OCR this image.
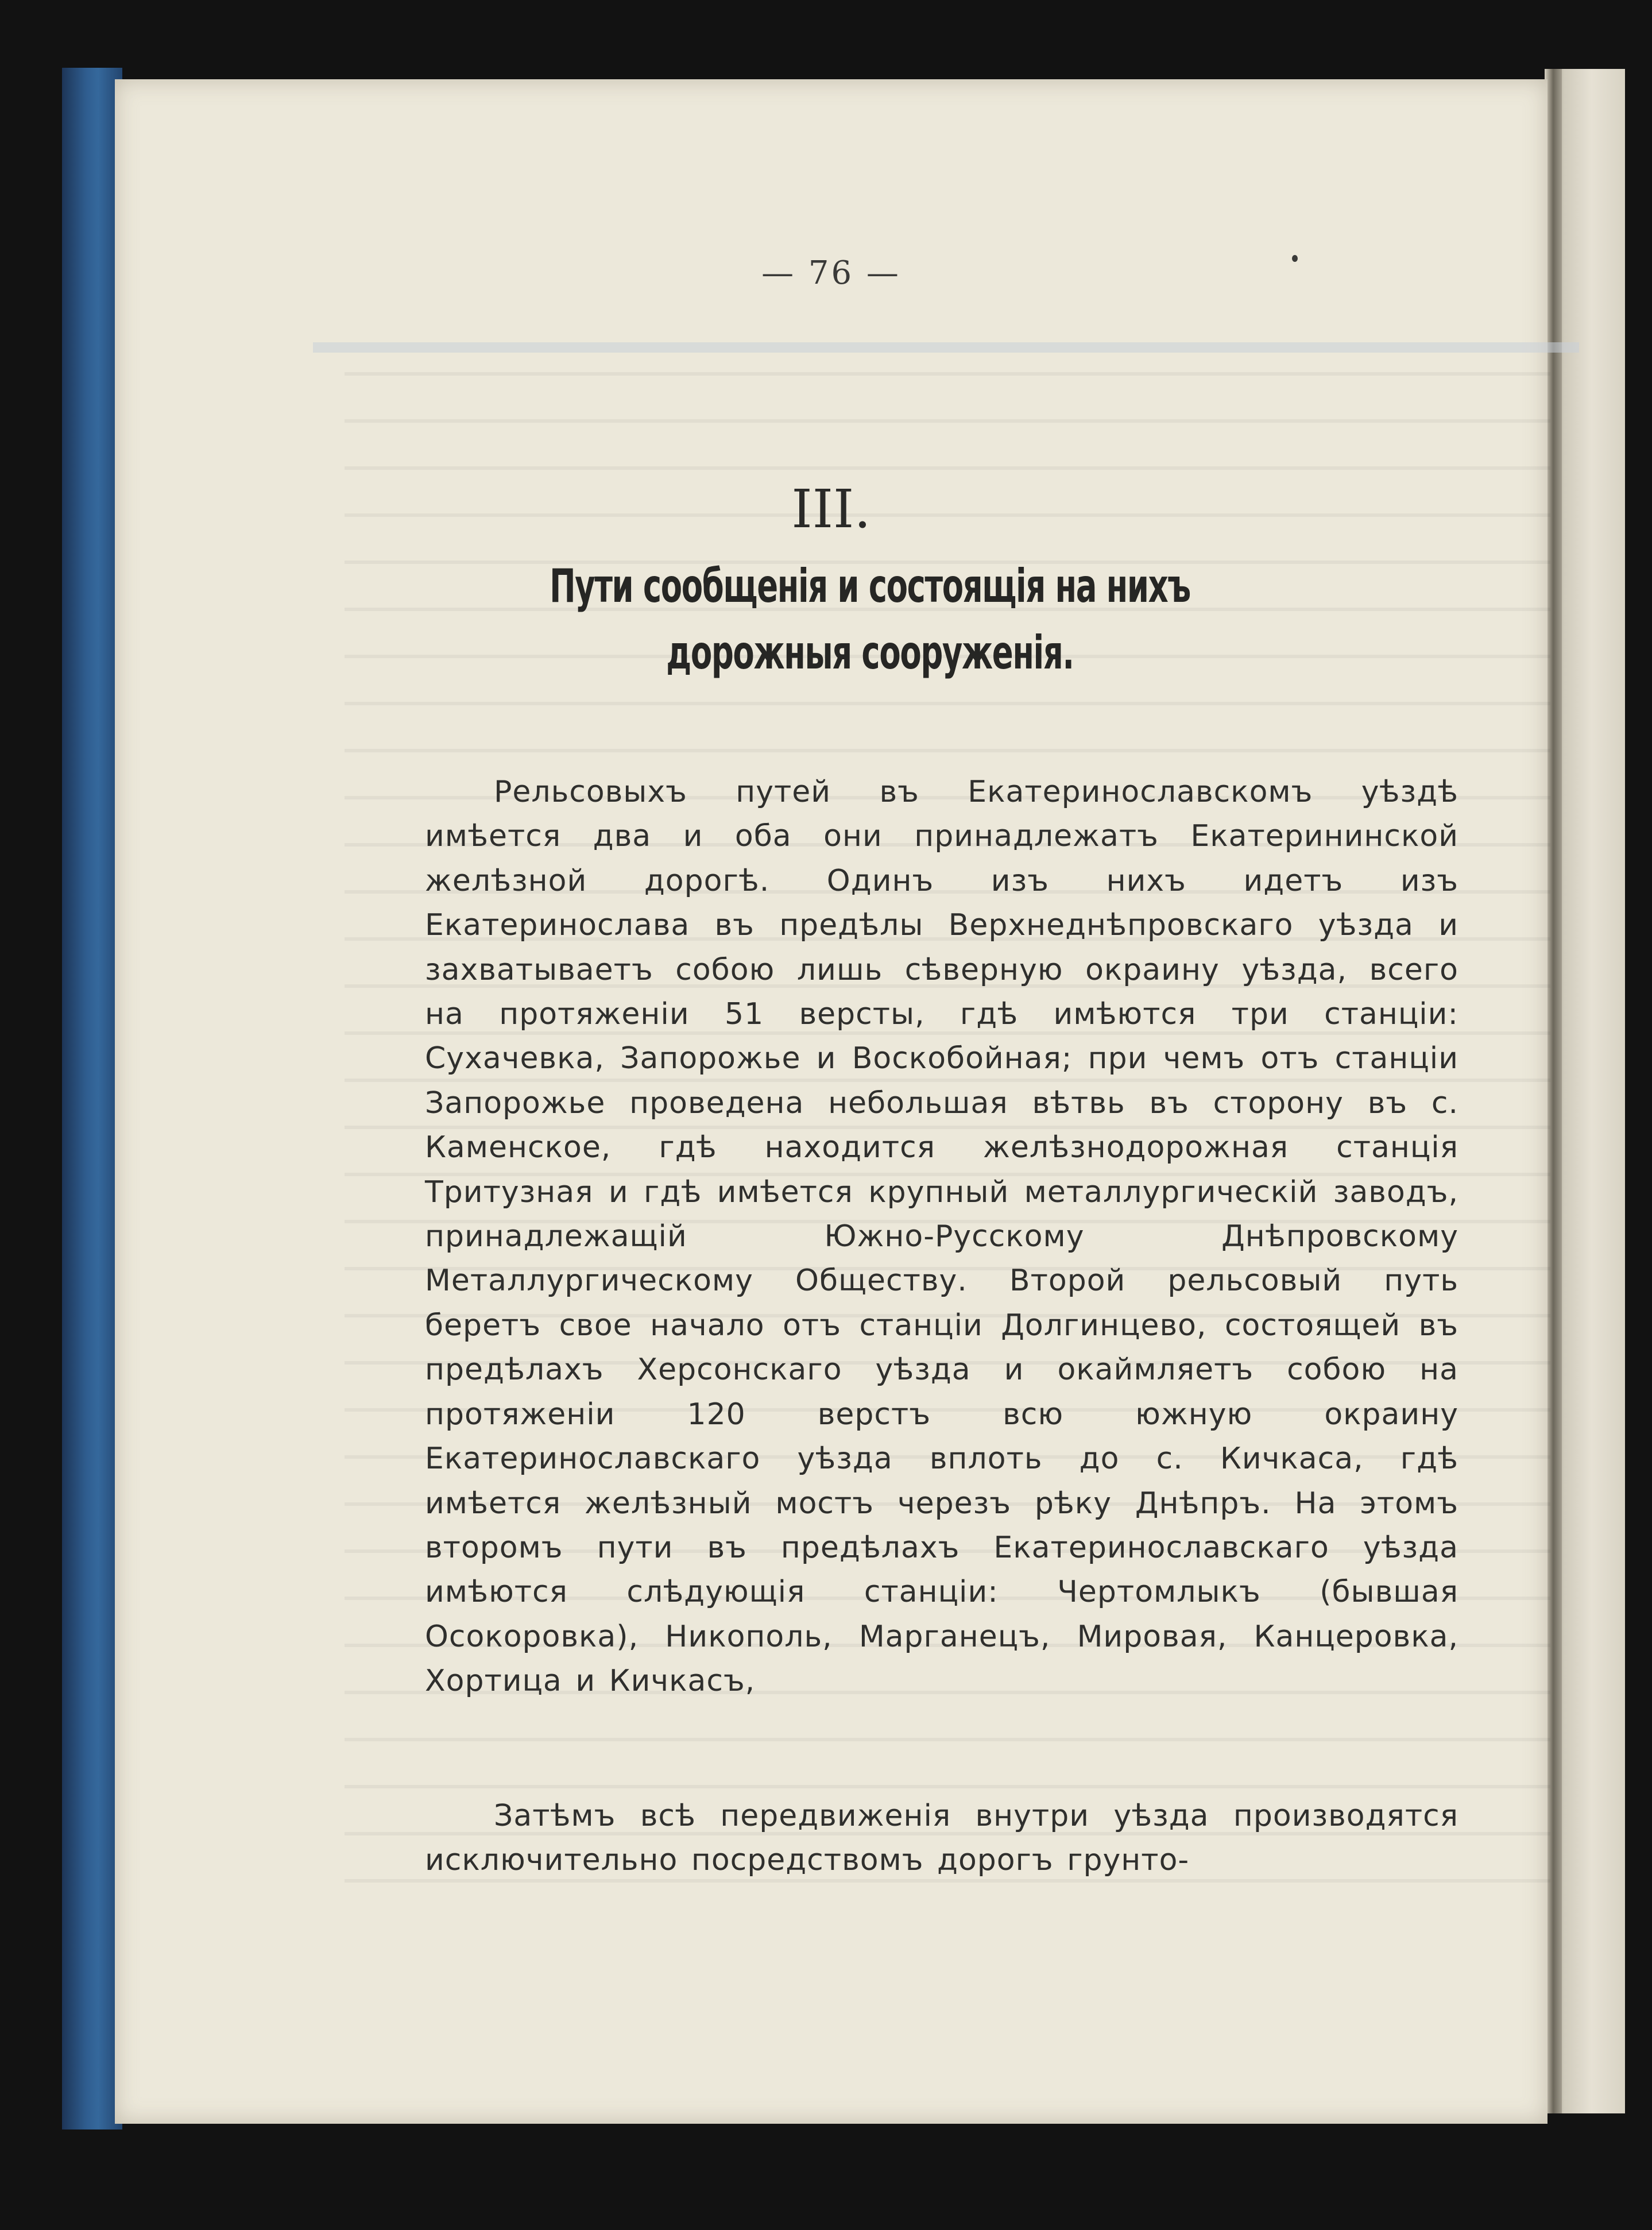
— 76 —
III.
Пути сообщенія и состоящія на нихъ дорожныя сооруженія.
Рельсовыхъ путей въ Екатеринославскомъ уѣздѣ имѣется два и оба они принадлежатъ Екатерининской желѣзной дорогѣ. Одинъ изъ нихъ идетъ изъ Екатеринослава въ предѣлы Верхнеднѣпровскаго уѣзда и захватываетъ собою лишь сѣверную окраину уѣзда, всего на протяженіи 51 версты, гдѣ имѣются три станціи: Сухачевка, Запорожье и Воскобойная; при чемъ отъ станціи Запорожье проведена небольшая вѣтвь въ сторону въ с. Каменское, гдѣ находится желѣзнодорожная станція Тритузная и гдѣ имѣется крупный металлургическій заводъ, принадлежащій Южно-Русскому Днѣпровскому Металлургическому Обществу. Второй рельсовый путь беретъ свое начало отъ станціи Долгинцево, состоящей въ предѣлахъ Херсонскаго уѣзда и окаймляетъ собою на протяженіи 120 верстъ всю южную окраину Екатеринославскаго уѣзда вплоть до с. Кичкаса, гдѣ имѣется желѣзный мостъ черезъ рѣку Днѣпръ. На этомъ второмъ пути въ предѣлахъ Екатеринославскаго уѣзда имѣются слѣдующія станціи: Чертомлыкъ (бывшая Осокоровка), Никополь, Марганецъ, Мировая, Канцеровка, Хортица и Кичкасъ,
Затѣмъ всѣ передвиженія внутри уѣзда производятся исключительно посредствомъ дорогъ грунто-
